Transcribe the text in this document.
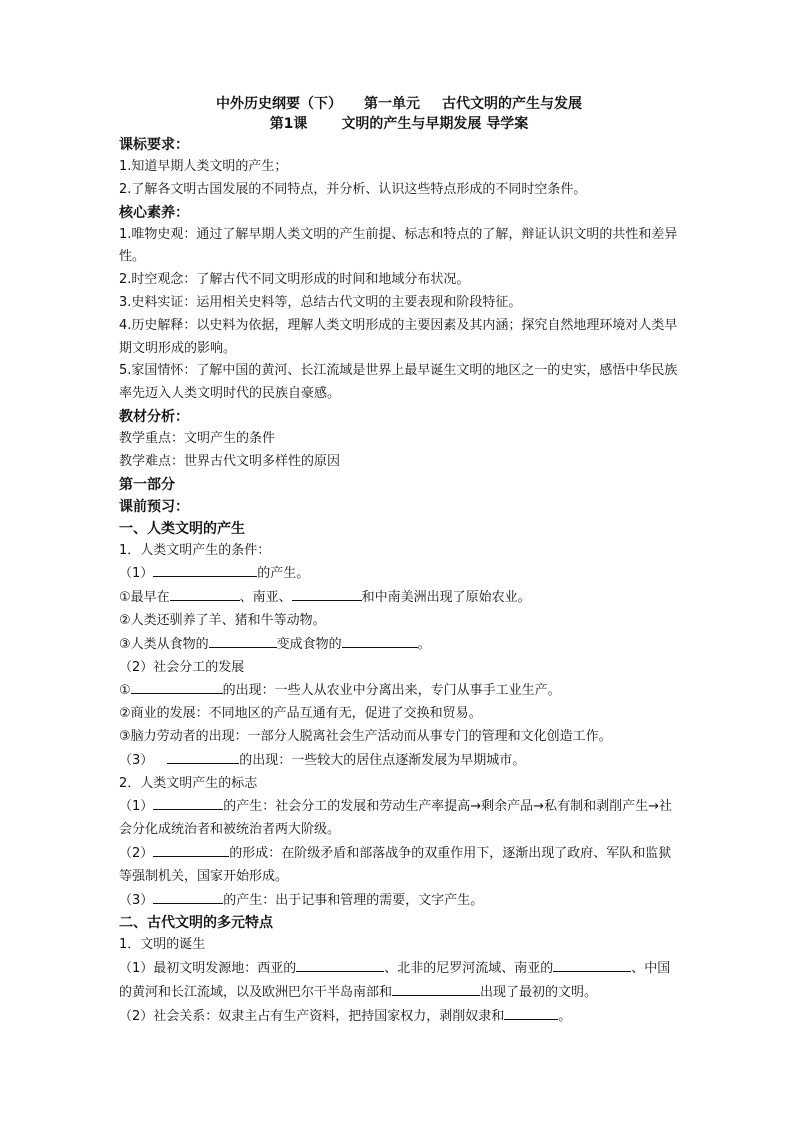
中外历史纲要（下） 第一单元 古代文明的产生与发展
第1课 文明的产生与早期发展 导学案
课标要求：
1.知道早期人类文明的产生；
2.了解各文明古国发展的不同特点，并分析、认识这些特点形成的不同时空条件。
核心素养：
1.唯物史观：通过了解早期人类文明的产生前提、标志和特点的了解，辩证认识文明的共性和差异性。
2.时空观念：了解古代不同文明形成的时间和地域分布状况。
3.史料实证：运用相关史料等，总结古代文明的主要表现和阶段特征。
4.历史解释：以史料为依据，理解人类文明形成的主要因素及其内涵；探究自然地理环境对人类早期文明形成的影响。
5.家国情怀：了解中国的黄河、长江流域是世界上最早诞生文明的地区之一的史实，感悟中华民族率先迈入人类文明时代的民族自豪感。
教材分析：
教学重点：文明产生的条件
教学难点：世界古代文明多样性的原因
第一部分
课前预习：
一、人类文明的产生
1．人类文明产生的条件：
（1）	的产生。
①最早在	、南亚、	和中南美洲出现了原始农业。
②人类还驯养了羊、猪和牛等动物。
③人类从食物的	变成食物的	。
（2）社会分工的发展
①	的出现：一些人从农业中分离出来，专门从事手工业生产。
②商业的发展：不同地区的产品互通有无，促进了交换和贸易。
③脑力劳动者的出现：一部分人脱离社会生产活动而从事专门的管理和文化创造工作。
（3）	的出现：一些较大的居住点逐渐发展为早期城市。
2．人类文明产生的标志
（1）	的产生：社会分工的发展和劳动生产率提高→剩余产品→私有制和剥削产生→社会分化成统治者和被统治者两大阶级。
（2）	的形成：在阶级矛盾和部落战争的双重作用下，逐渐出现了政府、军队和监狱等强制机关，国家开始形成。
（3）	的产生：出于记事和管理的需要，文字产生。
二、古代文明的多元特点
1．文明的诞生
（1）最初文明发源地：西亚的	、北非的尼罗河流域、南亚的	、中国的黄河和长江流域，以及欧洲巴尔干半岛南部和	出现了最初的文明。
（2）社会关系：奴隶主占有生产资料，把持国家权力，剥削奴隶和	。
